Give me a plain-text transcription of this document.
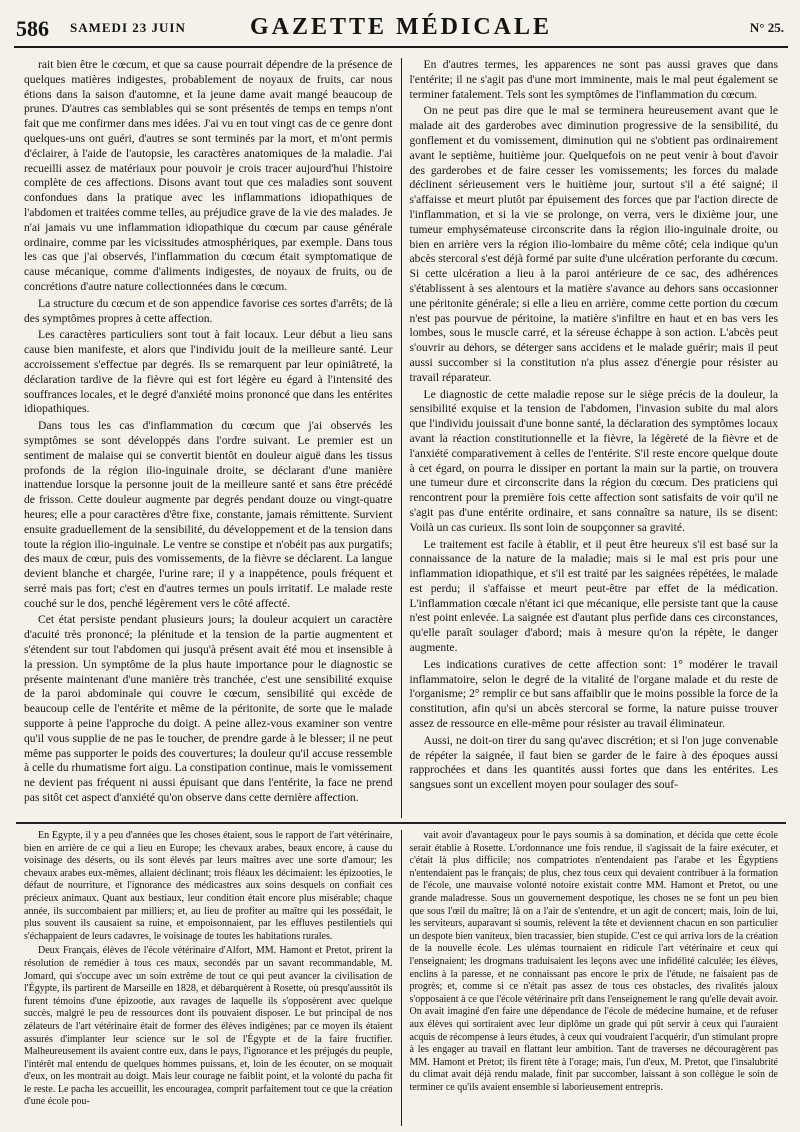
586 SAMEDI 23 JUIN	GAZETTE MÉDICALE	N° 25.

rait bien être le cœcum, et que sa cause pourrait dépendre de la présence de quelques matières indigestes, probablement de noyaux de fruits, car nous étions dans la saison d'automne, et la jeune dame avait mangé beaucoup de prunes. D'autres cas semblables qui se sont présentés de temps en temps n'ont fait que me confirmer dans mes idées. J'ai vu en tout vingt cas de ce genre dont quelques-uns ont guéri, d'autres se sont terminés par la mort, et m'ont permis d'éclairer, à l'aide de l'autopsie, les caractères anatomiques de la maladie. J'ai recueilli assez de matériaux pour pouvoir je crois tracer aujourd'hui l'histoire complète de ces affections. Disons avant tout que ces maladies sont souvent confondues dans la pratique avec les inflammations idiopathiques de l'abdomen et traitées comme telles, au préjudice grave de la vie des malades. Je n'ai jamais vu une inflammation idiopathique du cœcum par cause générale ordinaire, comme par les vicissitudes atmosphériques, par exemple. Dans tous les cas que j'ai observés, l'inflammation du cœcum était symptomatique de cause mécanique, comme d'aliments indigestes, de noyaux de fruits, ou de concrétions d'autre nature collectionnées dans le cœcum.

La structure du cœcum et de son appendice favorise ces sortes d'arrêts; de là des symptômes propres à cette affection.

Les caractères particuliers sont tout à fait locaux. Leur début a lieu sans cause bien manifeste, et alors que l'individu jouit de la meilleure santé. Leur accroissement s'effectue par degrés. Ils se remarquent par leur opiniâtreté, la déclaration tardive de la fièvre qui est fort légère eu égard à l'intensité des souffrances locales, et le degré d'anxiété moins prononcé que dans les entérites idiopathiques.

Dans tous les cas d'inflammation du cœcum que j'ai observés les symptômes se sont développés dans l'ordre suivant. Le premier est un sentiment de malaise qui se convertit bientôt en douleur aiguë dans les tissus profonds de la région ilio-inguinale droite, se déclarant d'une manière inattendue lorsque la personne jouit de la meilleure santé et sans être précédé de frisson. Cette douleur augmente par degrés pendant douze ou vingt-quatre heures; elle a pour caractères d'être fixe, constante, jamais rémittente. Survient ensuite graduellement de la sensibilité, du développement et de la tension dans toute la région ilio-inguinale. Le ventre se constipe et n'obéit pas aux purgatifs; des maux de cœur, puis des vomissements, de la fièvre se déclarent. La langue devient blanche et chargée, l'urine rare; il y a inappétence, pouls fréquent et serré mais pas fort; c'est en d'autres termes un pouls irritatif. Le malade reste couché sur le dos, penché légèrement vers le côté affecté.

Cet état persiste pendant plusieurs jours; la douleur acquiert un caractère d'acuité très prononcé; la plénitude et la tension de la partie augmentent et s'étendent sur tout l'abdomen qui jusqu'à présent avait été mou et insensible à la pression. Un symptôme de la plus haute importance pour le diagnostic se présente maintenant d'une manière très tranchée, c'est une sensibilité exquise de la paroi abdominale qui couvre le cœcum, sensibilité qui excède de beaucoup celle de l'entérite et même de la péritonite, de sorte que le malade supporte à peine l'approche du doigt. A peine allez-vous examiner son ventre qu'il vous supplie de ne pas le toucher, de prendre garde à le blesser; il ne peut même pas supporter le poids des couvertures; la douleur qu'il accuse ressemble à celle du rhumatisme fort aigu. La constipation continue, mais le vomissement ne devient pas fréquent ni aussi épuisant que dans l'entérite, la face ne prend pas sitôt cet aspect d'anxiété qu'on observe dans cette dernière affection.

En d'autres termes, les apparences ne sont pas aussi graves que dans l'entérite; il ne s'agit pas d'une mort imminente, mais le mal peut également se terminer fatalement. Tels sont les symptômes de l'inflammation du cœcum.

On ne peut pas dire que le mal se terminera heureusement avant que le malade ait des garderobes avec diminution progressive de la sensibilité, du gonflement et du vomissement, diminution qui ne s'obtient pas ordinairement avant le septième, huitième jour. Quelquefois on ne peut venir à bout d'avoir des garderobes et de faire cesser les vomissements; les forces du malade déclinent sérieusement vers le huitième jour, surtout s'il a été saigné; il s'affaisse et meurt plutôt par épuisement des forces que par l'action directe de l'inflammation, et si la vie se prolonge, on verra, vers le dixième jour, une tumeur emphysémateuse circonscrite dans la région ilio-inguinale droite, ou bien en arrière vers la région ilio-lombaire du même côté; cela indique qu'un abcès stercoral s'est déjà formé par suite d'une ulcération perforante du cœcum. Si cette ulcération a lieu à la paroi antérieure de ce sac, des adhérences s'établissent à ses alentours et la matière s'avance au dehors sans occasionner une péritonite générale; si elle a lieu en arrière, comme cette portion du cœcum n'est pas pourvue de péritoine, la matière s'infiltre en haut et en bas vers les lombes, sous le muscle carré, et la séreuse échappe à son action. L'abcès peut s'ouvrir au dehors, se déterger sans accidens et le malade guérir; mais il peut aussi succomber si la constitution n'a plus assez d'énergie pour résister au travail réparateur.

Le diagnostic de cette maladie repose sur le siège précis de la douleur, la sensibilité exquise et la tension de l'abdomen, l'invasion subite du mal alors que l'individu jouissait d'une bonne santé, la déclaration des symptômes locaux avant la réaction constitutionnelle et la fièvre, la légèreté de la fièvre et de l'anxiété comparativement à celles de l'entérite. S'il reste encore quelque doute à cet égard, on pourra le dissiper en portant la main sur la partie, on trouvera une tumeur dure et circonscrite dans la région du cœcum. Des praticiens qui rencontrent pour la première fois cette affection sont satisfaits de voir qu'il ne s'agit pas d'une entérite ordinaire, et sans connaître sa nature, ils se disent: Voilà un cas curieux. Ils sont loin de soupçonner sa gravité.

Le traitement est facile à établir, et il peut être heureux s'il est basé sur la connaissance de la nature de la maladie; mais si le mal est pris pour une inflammation idiopathique, et s'il est traité par les saignées répétées, le malade est perdu; il s'affaisse et meurt peut-être par effet de la médication. L'inflammation cœcale n'étant ici que mécanique, elle persiste tant que la cause n'est point enlevée. La saignée est d'autant plus perfide dans ces circonstances, qu'elle paraît soulager d'abord; mais à mesure qu'on la répète, le danger augmente.

Les indications curatives de cette affection sont: 1° modérer le travail inflammatoire, selon le degré de la vitalité de l'organe malade et du reste de l'organisme; 2° remplir ce but sans affaiblir que le moins possible la force de la constitution, afin qu'si un abcès stercoral se forme, la nature puisse trouver assez de ressource en elle-même pour résister au travail éliminateur.

Aussi, ne doit-on tirer du sang qu'avec discrétion; et si l'on juge convenable de répéter la saignée, il faut bien se garder de le faire à des époques aussi rapprochées et dans les quantités aussi fortes que dans les entérites. Les sangsues sont un excellent moyen pour soulager des souf-

En Égypte, il y a peu d'années que les choses étaient, sous le rapport de l'art vétérinaire, bien en arrière de ce qui a lieu en Europe; les chevaux arabes, beaux encore, à cause du voisinage des déserts, ou ils sont élevés par leurs maîtres avec une sorte d'amour; les chevaux arabes eux-mêmes, allaient déclinant; trois fléaux les décimaient: les épizooties, le défaut de nourriture, et l'ignorance des médicastres aux soins desquels on confiait ces précieux animaux. Quant aux bestiaux, leur condition était encore plus misérable; chaque année, ils succombaient par milliers; et, au lieu de profiter au maître qui les possédait, le plus souvent ils causaient sa ruine, et empoisonnaient, par les effluves pestilentiels qui s'échappaient de leurs cadavres, le voisinage de toutes les habitations rurales.

Deux Français, élèves de l'école vétérinaire d'Alfort, MM. Hamont et Pretot, prirent la résolution de remédier à tous ces maux, secondés par un savant recommandable, M. Jomard, qui s'occupe avec un soin extrême de tout ce qui peut avancer la civilisation de l'Égypte, ils partirent de Marseille en 1828, et débarquèrent à Rosette, où presqu'aussitôt ils furent témoins d'une épizootie, aux ravages de laquelle ils s'opposèrent avec quelque succès, malgré le peu de ressources dont ils pouvaient disposer. Le but principal de nos zélateurs de l'art vétérinaire était de former des élèves indigènes; par ce moyen ils étaient assurés d'implanter leur science sur le sol de l'Égypte et de la faire fructifier. Malheureusement ils avaient contre eux, dans le pays, l'ignorance et les préjugés du peuple, l'intérêt mal entendu de quelques hommes puissans, et, loin de les écouter, on se moquait d'eux, on les montrait au doigt. Mais leur courage ne faiblit point, et la volonté du pacha fit le reste. Le pacha les accueillit, les encouragea, comprit parfaitement tout ce que la création d'une école pou-

vait avoir d'avantageux pour le pays soumis à sa domination, et décida que cette école serait établie à Rosette. L'ordonnance une fois rendue, il s'agissait de la faire exécuter, et c'était là plus difficile; nos compatriotes n'entendaient pas l'arabe et les Égyptiens n'entendaient pas le français; de plus, chez tous ceux qui devaient contribuer à la formation de l'école, une mauvaise volonté notoire existait contre MM. Hamont et Pretot, ou une grande maladresse. Sous un gouvernement despotique, les choses ne se font un peu bien que sous l'œil du maître; là on a l'air de s'entendre, et un agit de concert; mais, loin de lui, les serviteurs, auparavant si soumis, relèvent la tête et deviennent chacun en son particulier un despote bien vaniteux, bien tracassier, bien stupide. C'est ce qui arriva lors de la création de la nouvelle école. Les ulémas tournaient en ridicule l'art vétérinaire et ceux qui l'enseignaient; les drogmans traduisaient les leçons avec une infidélité calculée; les élèves, enclins à la paresse, et ne connaissant pas encore le prix de l'étude, ne faisaient pas de progrès; et, comme si ce n'était pas assez de tous ces obstacles, des rivalités jaloux s'opposaient à ce que l'école vétérinaire prît dans l'enseignement le rang qu'elle devait avoir. On avait imaginé d'en faire une dépendance de l'école de médecine humaine, et de refuser aux élèves qui sortiraient avec leur diplôme un grade qui pût servir à ceux qui l'auraient acquis de récompense à leurs études, à ceux qui voudraient l'acquérir, d'un stimulant propre à les engager au travail en flattant leur ambition. Tant de traverses ne découragèrent pas MM. Hamont et Pretot; ils firent tête à l'orage; mais, l'un d'eux, M. Pretot, que l'insalubrité du climat avait déjà rendu malade, finit par succomber, laissant à son collègue le soin de terminer ce qu'ils avaient ensemble si laborieusement entrepris.
